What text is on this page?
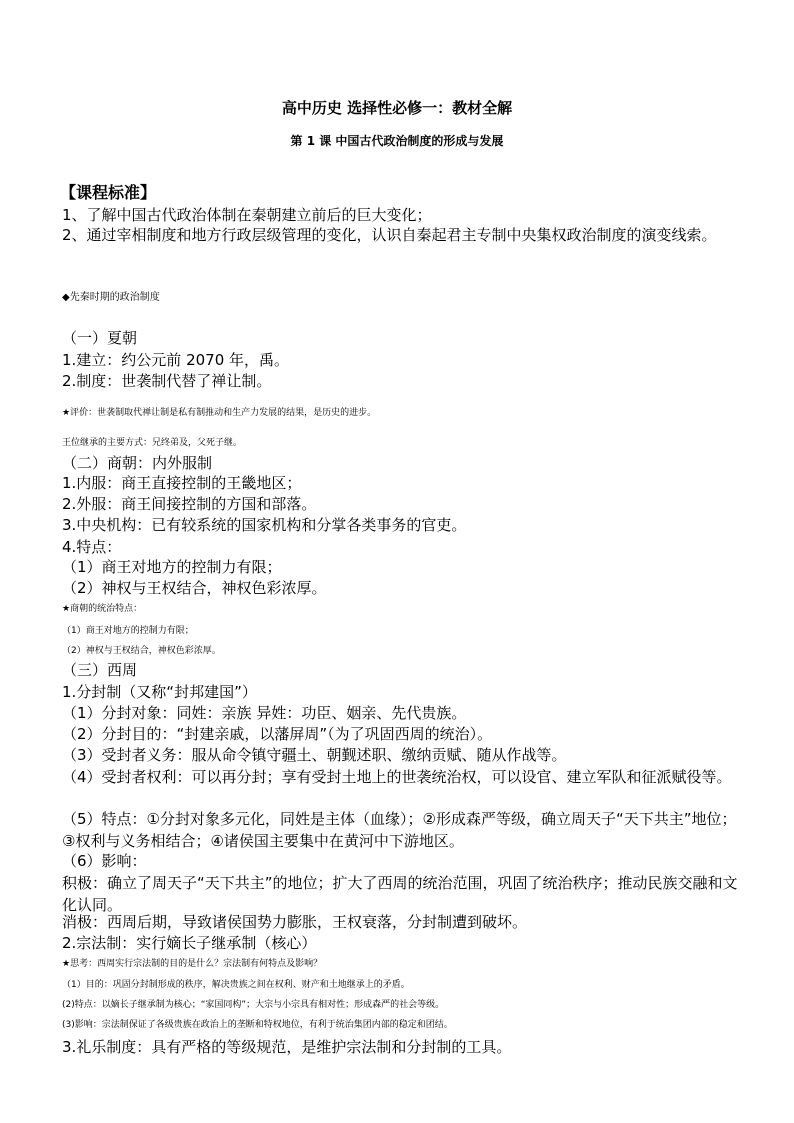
高中历史 选择性必修一：教材全解
第 1 课 中国古代政治制度的形成与发展
【课程标准】
1、了解中国古代政治体制在秦朝建立前后的巨大变化；
2、通过宰相制度和地方行政层级管理的变化，认识自秦起君主专制中央集权政治制度的演变线索。
◆先秦时期的政治制度
（一）夏朝
1.建立：约公元前 2070 年，禹。
2.制度：世袭制代替了禅让制。
★评价：世袭制取代禅让制是私有制推动和生产力发展的结果，是历史的进步。
王位继承的主要方式：兄终弟及，父死子继。
（二）商朝：内外服制
1.内服：商王直接控制的王畿地区；
2.外服：商王间接控制的方国和部落。
3.中央机构：已有较系统的国家机构和分掌各类事务的官吏。
4.特点：
（1）商王对地方的控制力有限；
（2）神权与王权结合，神权色彩浓厚。
★商朝的统治特点：
（1）商王对地方的控制力有限；
（2）神权与王权结合，神权色彩浓厚。
（三）西周
1.分封制（又称“封邦建国”）
（1）分封对象：同姓：亲族 异姓：功臣、姻亲、先代贵族。
（2）分封目的：“封建亲戚，以藩屏周”（为了巩固西周的统治）。
（3）受封者义务：服从命令镇守疆土、朝觐述职、缴纳贡赋、随从作战等。
（4）受封者权利：可以再分封；享有受封土地上的世袭统治权，可以设官、建立军队和征派赋役等。
（5）特点：①分封对象多元化，同姓是主体（血缘）；②形成森严等级，确立周天子“天下共主”地位；③权利与义务相结合；④诸侯国主要集中在黄河中下游地区。
（6）影响：
积极：确立了周天子“天下共主”的地位；扩大了西周的统治范围，巩固了统治秩序；推动民族交融和文化认同。
消极：西周后期，导致诸侯国势力膨胀，王权衰落，分封制遭到破坏。
2.宗法制：实行嫡长子继承制（核心）
★思考：西周实行宗法制的目的是什么？宗法制有何特点及影响？
（1）目的：巩固分封制形成的秩序，解决贵族之间在权利、财产和土地继承上的矛盾。
(2)特点：以嫡长子继承制为核心；“家国同构”；大宗与小宗具有相对性；形成森严的社会等级。
(3)影响：宗法制保证了各级贵族在政治上的垄断和特权地位，有利于统治集团内部的稳定和团结。
3.礼乐制度：具有严格的等级规范，是维护宗法制和分封制的工具。
